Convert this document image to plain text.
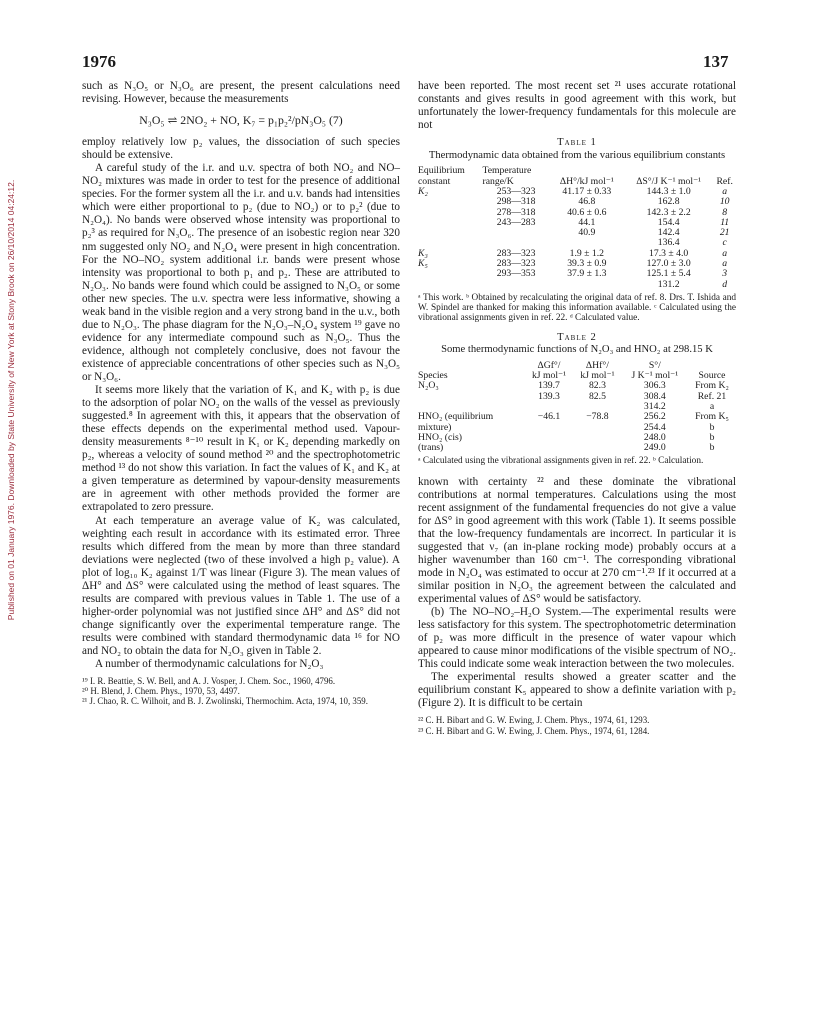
Published on 01 January 1976. Downloaded by State University of New York at Stony Brook on 26/10/2014 04:24:12.
1976	137

such as N₃O₅ or N₃O₆ are present, the present calculations need revising. However, because the measurements

N₃O₅ ⇌ 2NO₂ + NO, K₇ = p₁p₂²/pN₃O₅ (7)

employ relatively low p₂ values, the dissociation of such species should be extensive.

A careful study of the i.r. and u.v. spectra of both NO₂ and NO–NO₂ mixtures was made in order to test for the presence of additional species. For the former system all the i.r. and u.v. bands had intensities which were either proportional to p₂ (due to NO₂) or to p₂² (due to N₂O₄). No bands were observed whose intensity was proportional to p₂³ as required for N₃O₆. The presence of an isobestic region near 320 nm suggested only NO₂ and N₂O₄ were present in high concentration. For the NO–NO₂ system additional i.r. bands were present whose intensity was proportional to both p₁ and p₂. These are attributed to N₂O₃. No bands were found which could be assigned to N₃O₅ or some other new species. The u.v. spectra were less informative, showing a weak band in the visible region and a very strong band in the u.v., both due to N₂O₃. The phase diagram for the N₂O₃–N₂O₄ system ¹⁹ gave no evidence for any intermediate compound such as N₃O₅. Thus the evidence, although not completely conclusive, does not favour the existence of appreciable concentrations of other species such as N₃O₅ or N₃O₆.

It seems more likely that the variation of K₁ and K₂ with p₂ is due to the adsorption of polar NO₂ on the walls of the vessel as previously suggested.⁸ In agreement with this, it appears that the observation of these effects depends on the experimental method used. Vapour-density measurements ⁸⁻¹⁰ result in K₁ or K₂ depending markedly on p₂, whereas a velocity of sound method ²⁰ and the spectrophotometric method ¹³ do not show this variation. In fact the values of K₁ and K₂ at a given temperature as determined by vapour-density measurements are in agreement with other methods provided the former are extrapolated to zero pressure.

At each temperature an average value of K₂ was calculated, weighting each result in accordance with its estimated error. Three results which differed from the mean by more than three standard deviations were neglected (two of these involved a high p₂ value). A plot of log₁₀ K₂ against 1/T was linear (Figure 3). The mean values of ΔH° and ΔS° were calculated using the method of least squares. The results are compared with previous values in Table 1. The use of a higher-order polynomial was not justified since ΔH° and ΔS° did not change significantly over the experimental temperature range. The results were combined with standard thermodynamic data ¹⁶ for NO and NO₂ to obtain the data for N₂O₃ given in Table 2.

A number of thermodynamic calculations for N₂O₃

¹⁹ I. R. Beattie, S. W. Bell, and A. J. Vosper, J. Chem. Soc., 1960, 4796.
²⁰ H. Blend, J. Chem. Phys., 1970, 53, 4497.
²¹ J. Chao, R. C. Wilhoit, and B. J. Zwolinski, Thermochim. Acta, 1974, 10, 359.

have been reported. The most recent set ²¹ uses accurate rotational constants and gives results in good agreement with this work, but unfortunately the lower-frequency fundamentals for this molecule are not

Table 1
Thermodynamic data obtained from the various equilibrium constants
Equilibrium	Temperature			
constant	range/K	ΔH°/kJ mol⁻¹	ΔS°/J K⁻¹ mol⁻¹	Ref.
K₂	253—323	41.17 ± 0.33	144.3 ± 1.0	a
	298—318	46.8	162.8	10
	278—318	40.6 ± 0.6	142.3 ± 2.2	8
	243—283	44.1	154.4	11
		40.9	142.4	21
			136.4	c
K₃	283—323	1.9 ± 1.2	17.3 ± 4.0	a
K₅	283—323	39.3 ± 0.9	127.0 ± 3.0	a
	293—353	37.9 ± 1.3	125.1 ± 5.4	3
			131.2	d
ᵃ This work. ᵇ Obtained by recalculating the original data of ref. 8. Drs. T. Ishida and W. Spindel are thanked for making this information available. ᶜ Calculated using the vibrational assignments given in ref. 22. ᵈ Calculated value.
Table 2
Some thermodynamic functions of N₂O₃ and HNO₂ at 298.15 K
	ΔGf°/	ΔHf°/	S°/	
Species	kJ mol⁻¹	kJ mol⁻¹	J K⁻¹ mol⁻¹	Source
N₂O₃	139.7	82.3	306.3	From K₂
	139.3	82.5	308.4	Ref. 21
			314.2	a
HNO₂ (equilibrium	−46.1	−78.8	256.2	From K₅
mixture)			254.4	b
HNO₂ (cis)			248.0	b
(trans)			249.0	b
ᵃ Calculated using the vibrational assignments given in ref. 22. ᵇ Calculation.

known with certainty ²² and these dominate the vibrational contributions at normal temperatures. Calculations using the most recent assignment of the fundamental frequencies do not give a value for ΔS° in good agreement with this work (Table 1). It seems possible that the low-frequency fundamentals are incorrect. In particular it is suggested that ν₇ (an in-plane rocking mode) probably occurs at a higher wavenumber than 160 cm⁻¹. The corresponding vibrational mode in N₂O₄ was estimated to occur at 270 cm⁻¹.²³ If it occurred at a similar position in N₂O₃ the agreement between the calculated and experimental values of ΔS° would be satisfactory.

(b) The NO–NO₂–H₂O System.—The experimental results were less satisfactory for this system. The spectrophotometric determination of p₂ was more difficult in the presence of water vapour which appeared to cause minor modifications of the visible spectrum of NO₂. This could indicate some weak interaction between the two molecules.

The experimental results showed a greater scatter and the equilibrium constant K₅ appeared to show a definite variation with p₂ (Figure 2). It is difficult to be certain

²² C. H. Bibart and G. W. Ewing, J. Chem. Phys., 1974, 61, 1293.
²³ C. H. Bibart and G. W. Ewing, J. Chem. Phys., 1974, 61, 1284.
